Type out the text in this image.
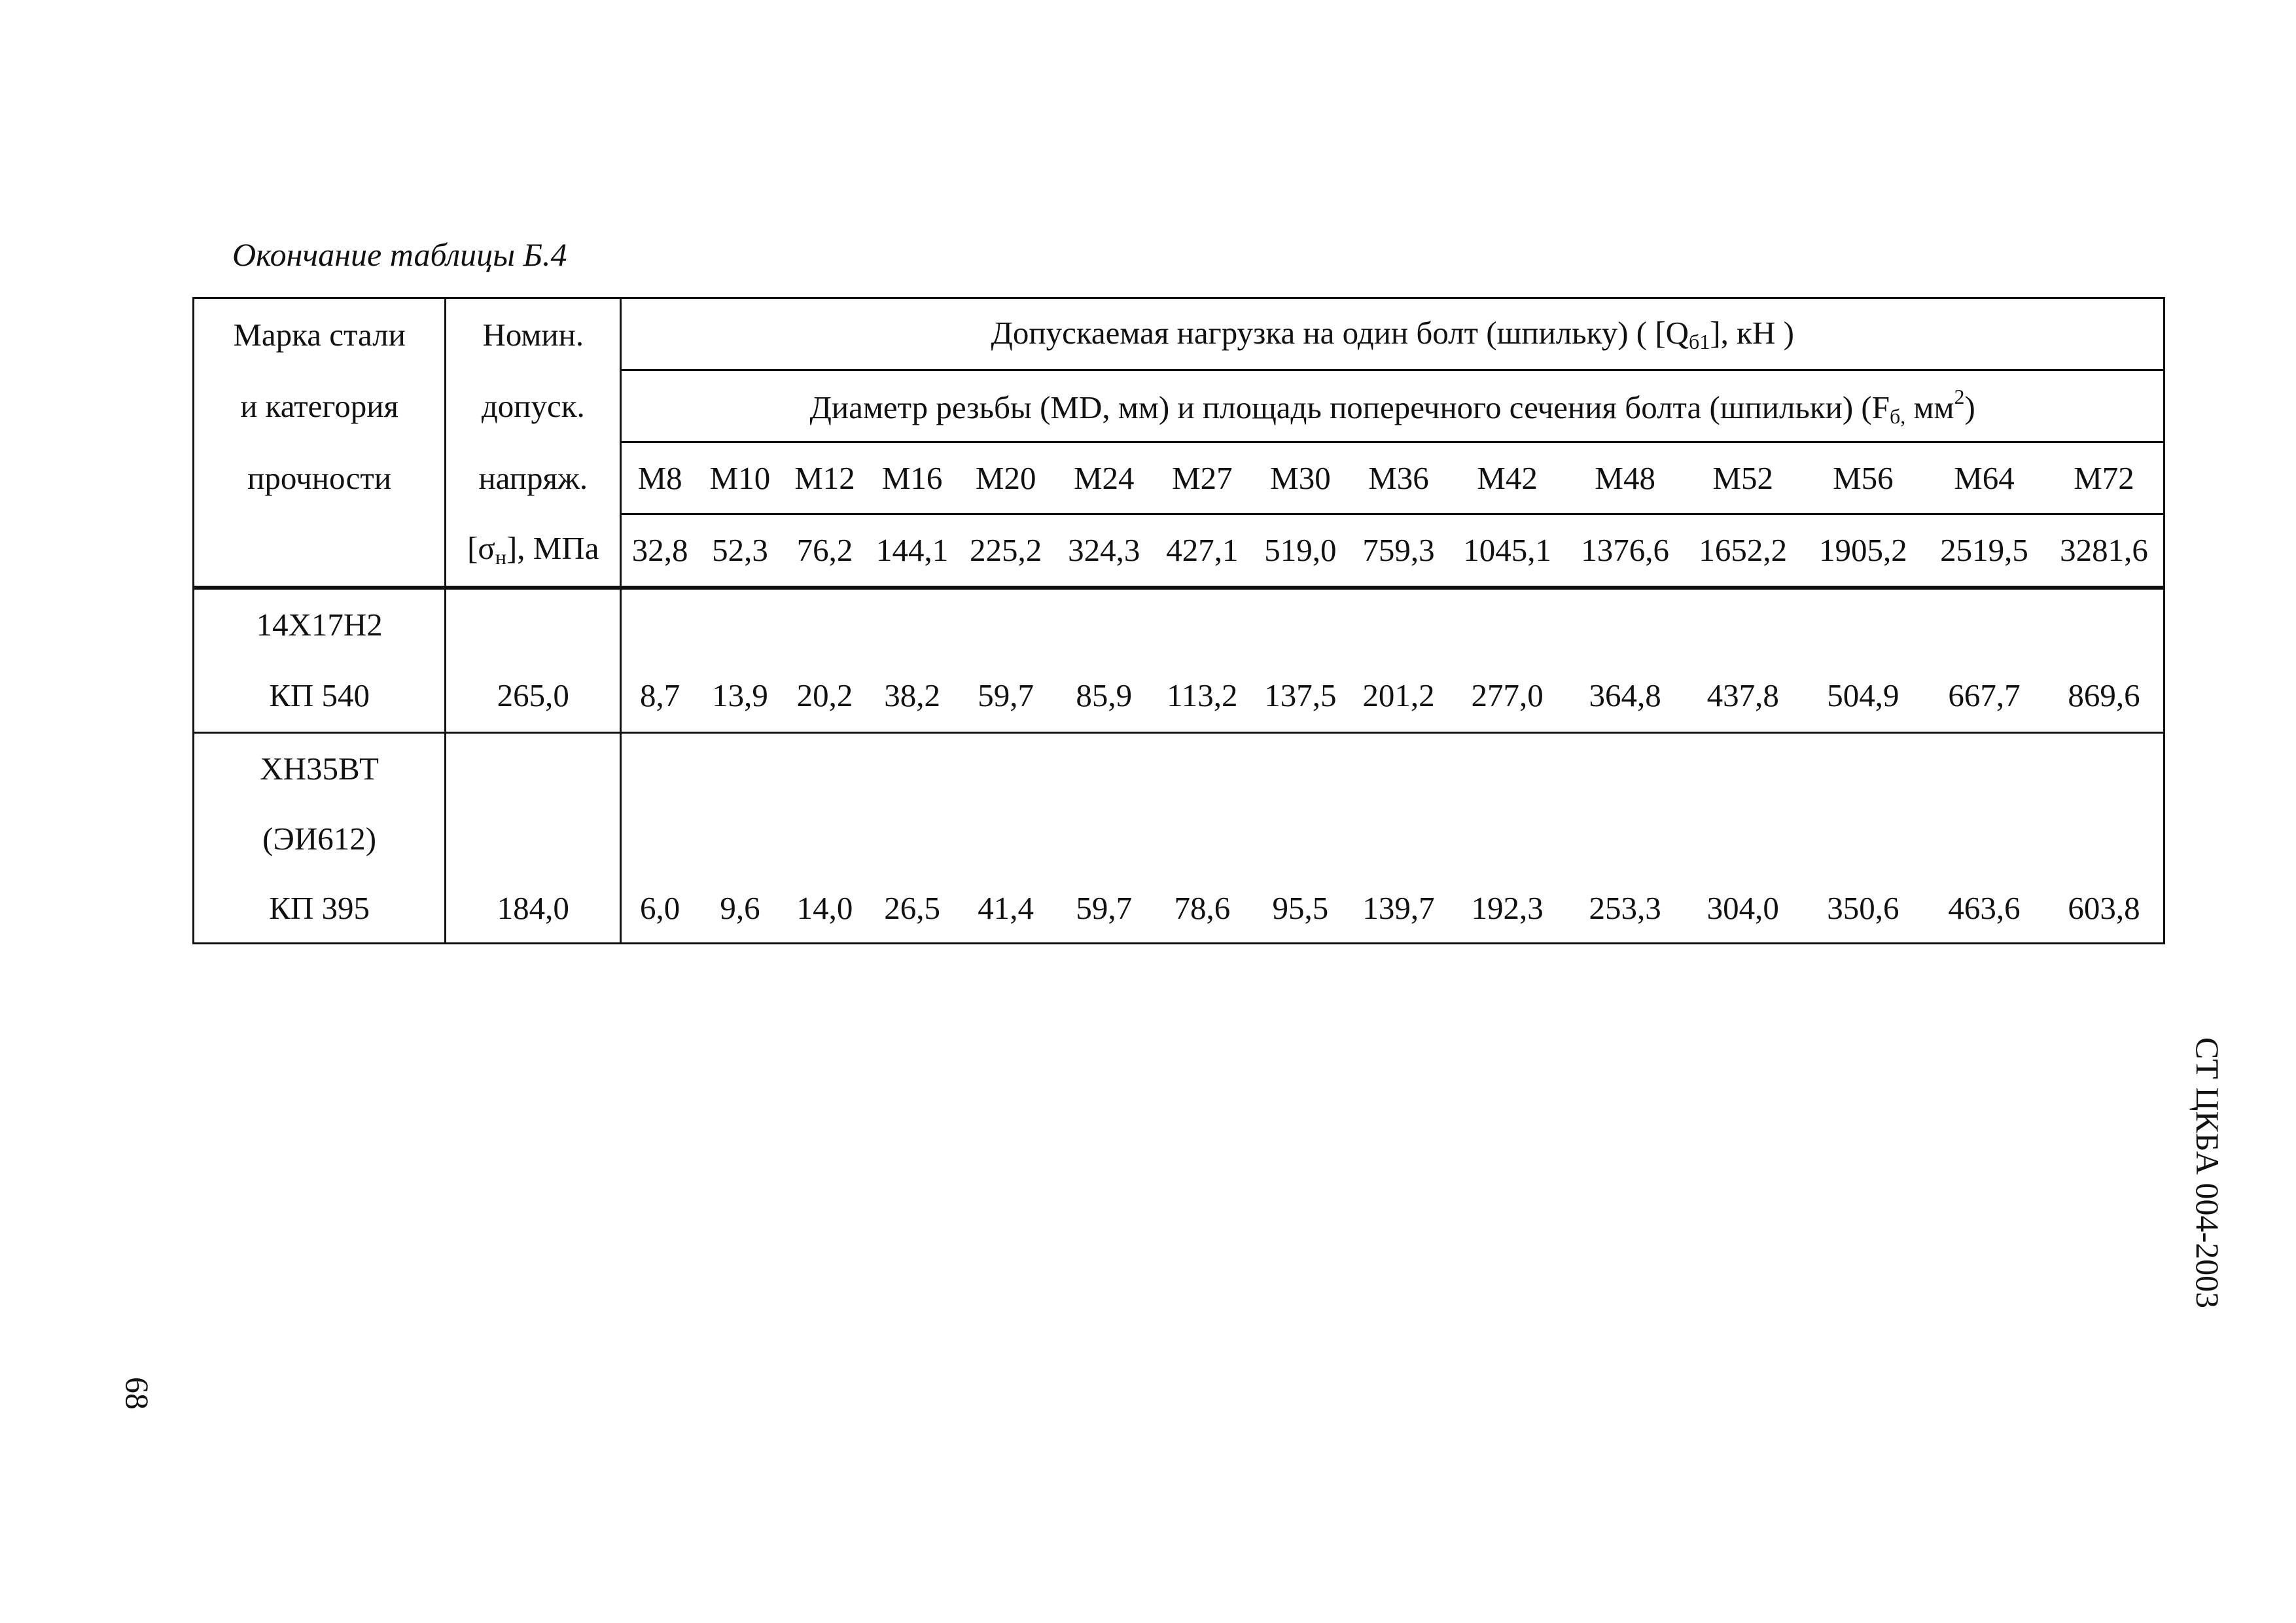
Окончание таблицы Б.4
Марка стали	Номин.	Допускаемая нагрузка на один болт (шпильку) ( $[Q_{б1}]$, кН )														
и категория	допуск.	Диаметр резьбы (MD, мм) и площадь поперечного сечения болта (шпильки) ($F_{б,}$ $мм^2$)														
прочности	напряж.	M8	M10	M12	M16	M20	M24	M27	M30	M36	M42	M48	M52	M56	M64	M72
	$[\sigma_н]$, МПа	32,8	52,3	76,2	144,1	225,2	324,3	427,1	519,0	759,3	1045,1	1376,6	1652,2	1905,2	2519,5	3281,6
14Х17Н2																
КП 540	265,0	8,7	13,9	20,2	38,2	59,7	85,9	113,2	137,5	201,2	277,0	364,8	437,8	504,9	667,7	869,6
ХН35ВТ																
(ЭИ612)																
КП 395	184,0	6,0	9,6	14,0	26,5	41,4	59,7	78,6	95,5	139,7	192,3	253,3	304,0	350,6	463,6	603,8
СТ ЦКБА 004-2003
68
